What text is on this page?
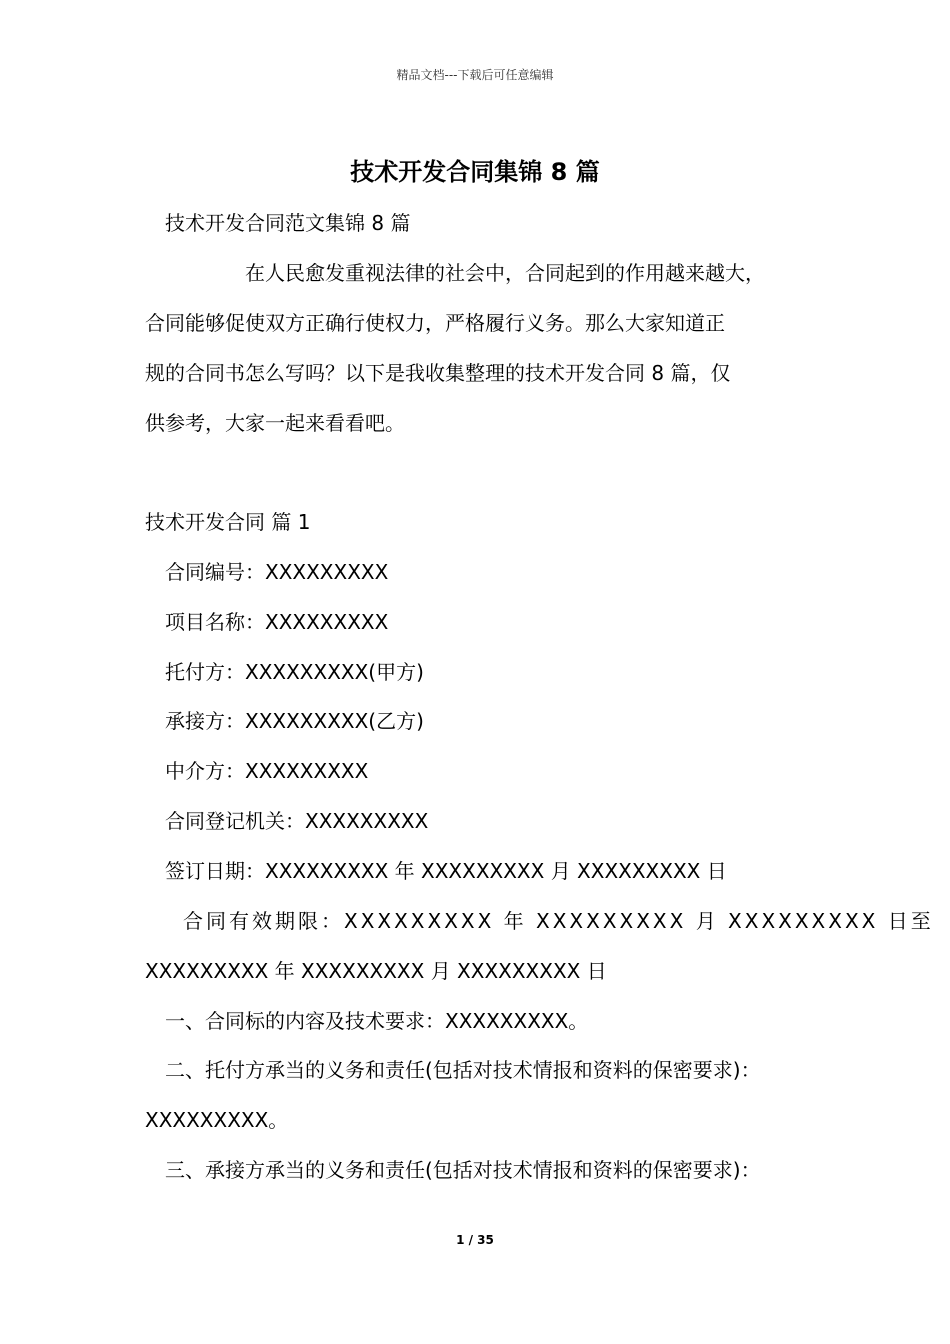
精品文档---下载后可任意编辑
技术开发合同集锦 8 篇
技术开发合同范文集锦 8 篇
在人民愈发重视法律的社会中，合同起到的作用越来越大，
合同能够促使双方正确行使权力，严格履行义务。那么大家知道正
规的合同书怎么写吗？以下是我收集整理的技术开发合同 8 篇，仅
供参考，大家一起来看看吧。
技术开发合同 篇 1
合同编号：XXXXXXXXX
项目名称：XXXXXXXXX
托付方：XXXXXXXXX(甲方)
承接方：XXXXXXXXX(乙方)
中介方：XXXXXXXXX
合同登记机关：XXXXXXXXX
签订日期：XXXXXXXXX 年 XXXXXXXXX 月 XXXXXXXXX 日
合同有效期限：XXXXXXXXX 年 XXXXXXXXX 月 XXXXXXXXX 日至
XXXXXXXXX 年 XXXXXXXXX 月 XXXXXXXXX 日
一、合同标的内容及技术要求：XXXXXXXXX。
二、托付方承当的义务和责任(包括对技术情报和资料的保密要求)：
XXXXXXXXX。
三、承接方承当的义务和责任(包括对技术情报和资料的保密要求)：
1 / 35
